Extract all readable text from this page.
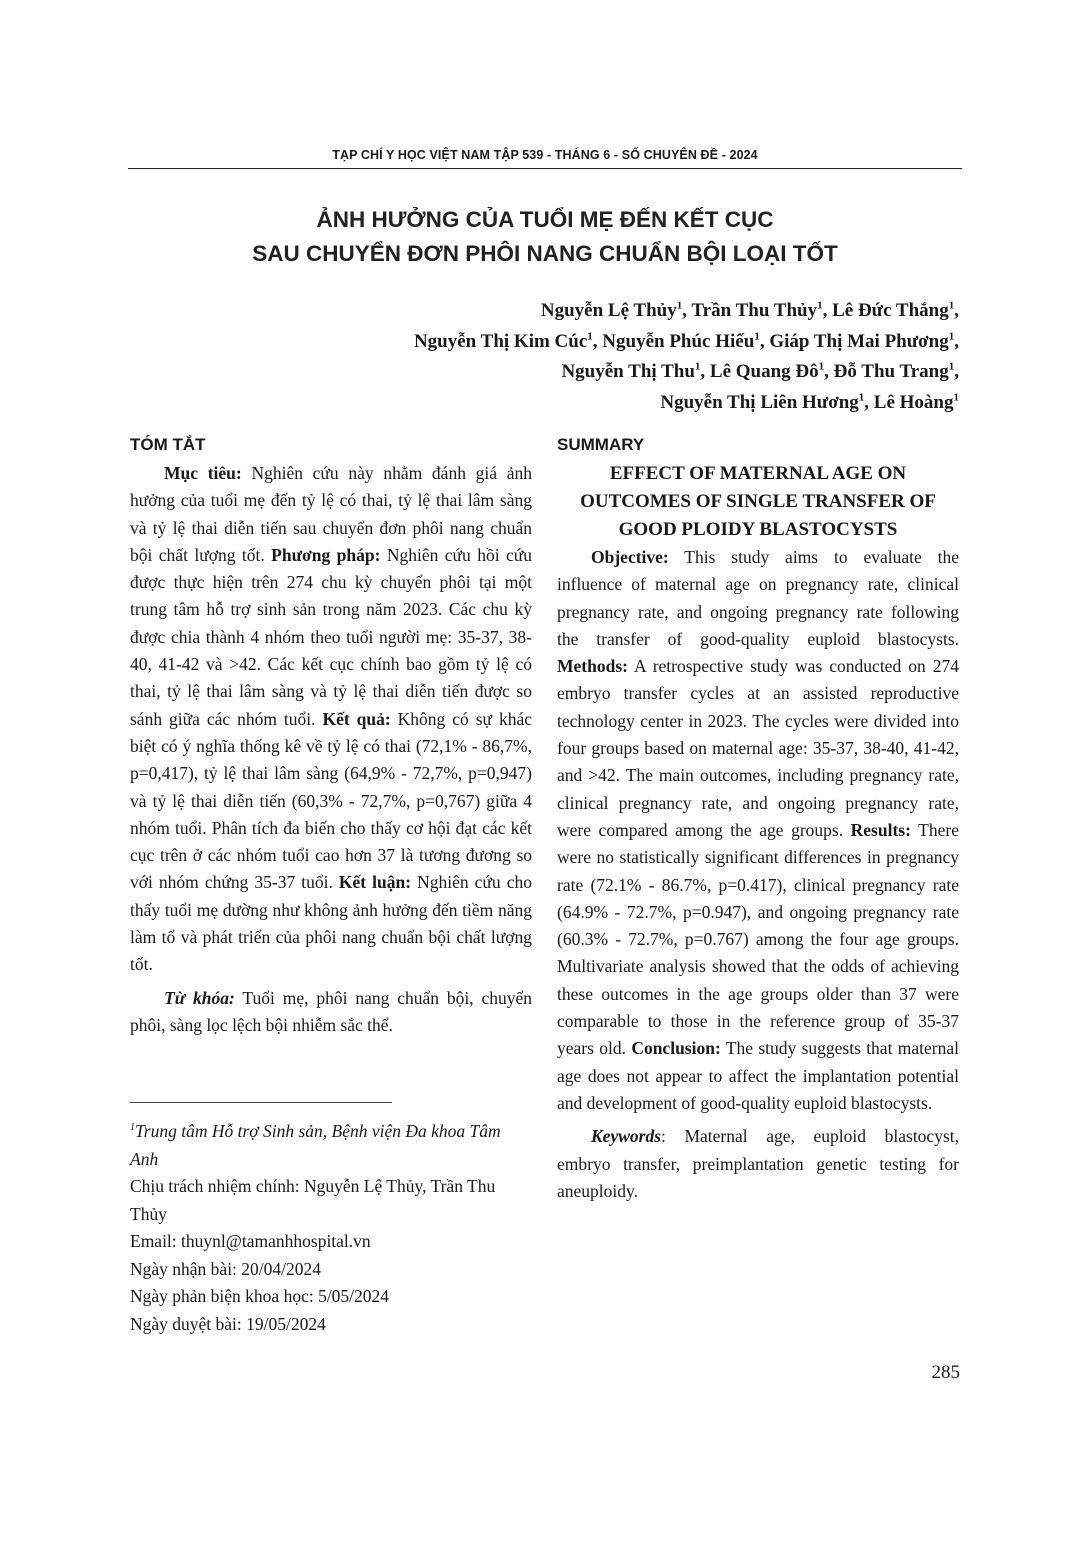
TẠP CHÍ Y HỌC VIỆT NAM TẬP 539 - THÁNG 6 - SỐ CHUYÊN ĐỀ - 2024
ẢNH HƯỞNG CỦA TUỔI MẸ ĐẾN KẾT CỤC
SAU CHUYỂN ĐƠN PHÔI NANG CHUẨN BỘI LOẠI TỐT
Nguyễn Lệ Thủy$^1$, Trần Thu Thủy$^1$, Lê Đức Thắng$^1$,
Nguyễn Thị Kim Cúc$^1$, Nguyễn Phúc Hiếu$^1$, Giáp Thị Mai Phương$^1$,
Nguyễn Thị Thu$^1$, Lê Quang $Đô^1$, Đỗ Thu Trang$^1$,
Nguyễn Thị Liên Hương$^1$, Lê Hoàng$^1$
TÓM TẮT

Mục tiêu: Nghiên cứu này nhằm đánh giá ảnh hưởng của tuổi mẹ đến tỷ lệ có thai, tỷ lệ thai lâm sàng và tỷ lệ thai diễn tiến sau chuyển đơn phôi nang chuẩn bội chất lượng tốt. Phương pháp: Nghiên cứu hồi cứu được thực hiện trên 274 chu kỳ chuyển phôi tại một trung tâm hỗ trợ sinh sản trong năm 2023. Các chu kỳ được chia thành 4 nhóm theo tuổi người mẹ: 35-37, 38-40, 41-42 và >42. Các kết cục chính bao gồm tỷ lệ có thai, tỷ lệ thai lâm sàng và tỷ lệ thai diễn tiến được so sánh giữa các nhóm tuổi. Kết quả: Không có sự khác biệt có ý nghĩa thống kê về tỷ lệ có thai (72,1% - 86,7%, p=0,417), tỷ lệ thai lâm sàng (64,9% - 72,7%, p=0,947) và tỷ lệ thai diễn tiến (60,3% - 72,7%, p=0,767) giữa 4 nhóm tuổi. Phân tích đa biến cho thấy cơ hội đạt các kết cục trên ở các nhóm tuổi cao hơn 37 là tương đương so với nhóm chứng 35-37 tuổi. Kết luận: Nghiên cứu cho thấy tuổi mẹ dường như không ảnh hưởng đến tiềm năng làm tổ và phát triển của phôi nang chuẩn bội chất lượng tốt.

Từ khóa: Tuổi mẹ, phôi nang chuẩn bội, chuyển phôi, sàng lọc lệch bội nhiễm sắc thể.

SUMMARY
EFFECT OF MATERNAL AGE ON OUTCOMES OF SINGLE TRANSFER OF GOOD PLOIDY BLASTOCYSTS

Objective: This study aims to evaluate the influence of maternal age on pregnancy rate, clinical pregnancy rate, and ongoing pregnancy rate following the transfer of good-quality euploid blastocysts. Methods: A retrospective study was conducted on 274 embryo transfer cycles at an assisted reproductive technology center in 2023. The cycles were divided into four groups based on maternal age: 35-37, 38-40, 41-42, and >42. The main outcomes, including pregnancy rate, clinical pregnancy rate, and ongoing pregnancy rate, were compared among the age groups. Results: There were no statistically significant differences in pregnancy rate (72.1% - 86.7%, p=0.417), clinical pregnancy rate (64.9% - 72.7%, p=0.947), and ongoing pregnancy rate (60.3% - 72.7%, p=0.767) among the four age groups. Multivariate analysis showed that the odds of achieving these outcomes in the age groups older than 37 were comparable to those in the reference group of 35-37 years old. Conclusion: The study suggests that maternal age does not appear to affect the implantation potential and development of good-quality euploid blastocysts.

Keywords: Maternal age, euploid blastocyst, embryo transfer, preimplantation genetic testing for aneuploidy.

$^1$Trung tâm Hỗ trợ Sinh sản, Bệnh viện Đa khoa Tâm Anh
Chịu trách nhiệm chính: Nguyễn Lệ Thủy, Trần Thu Thủy
Email: thuynl@tamanhhospital.vn
Ngày nhận bài: 20/04/2024
Ngày phản biện khoa học: 5/05/2024
Ngày duyệt bài: 19/05/2024
285
